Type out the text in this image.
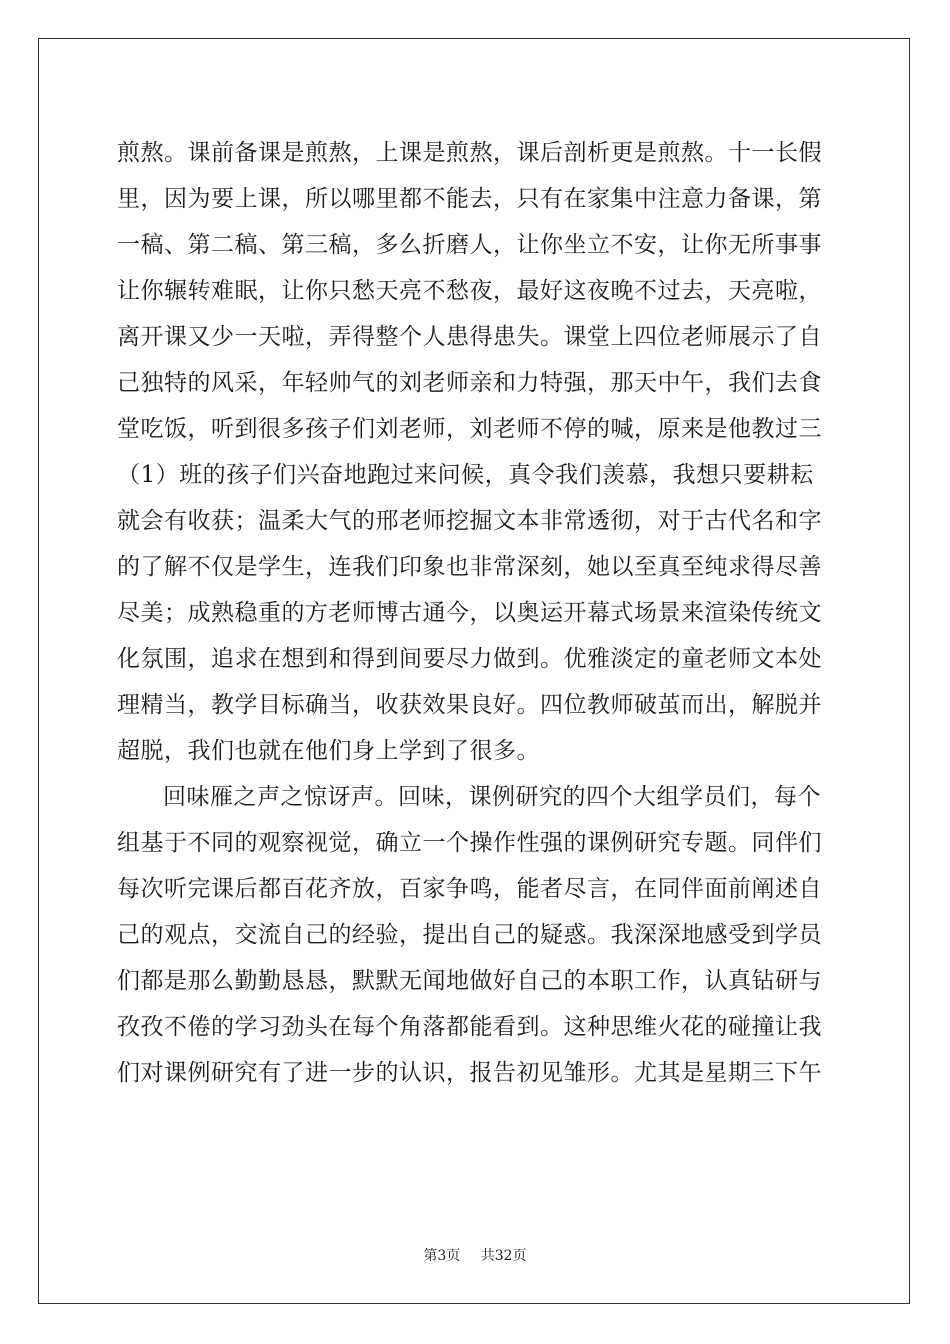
煎熬。课前备课是煎熬，上课是煎熬，课后剖析更是煎熬。十一长假
里，因为要上课，所以哪里都不能去，只有在家集中注意力备课，第
一稿、第二稿、第三稿，多么折磨人，让你坐立不安，让你无所事事
让你辗转难眠，让你只愁天亮不愁夜，最好这夜晚不过去，天亮啦，
离开课又少一天啦，弄得整个人患得患失。课堂上四位老师展示了自
己独特的风采，年轻帅气的刘老师亲和力特强，那天中午，我们去食
堂吃饭，听到很多孩子们刘老师，刘老师不停的喊，原来是他教过三
（1）班的孩子们兴奋地跑过来问候，真令我们羡慕，我想只要耕耘
就会有收获；温柔大气的邢老师挖掘文本非常透彻，对于古代名和字
的了解不仅是学生，连我们印象也非常深刻，她以至真至纯求得尽善
尽美；成熟稳重的方老师博古通今，以奥运开幕式场景来渲染传统文
化氛围，追求在想到和得到间要尽力做到。优雅淡定的童老师文本处
理精当，教学目标确当，收获效果良好。四位教师破茧而出，解脱并
超脱，我们也就在他们身上学到了很多。
回味雁之声之惊讶声。回味，课例研究的四个大组学员们，每个
组基于不同的观察视觉，确立一个操作性强的课例研究专题。同伴们
每次听完课后都百花齐放，百家争鸣，能者尽言，在同伴面前阐述自
己的观点，交流自己的经验，提出自己的疑惑。我深深地感受到学员
们都是那么勤勤恳恳，默默无闻地做好自己的本职工作，认真钻研与
孜孜不倦的学习劲头在每个角落都能看到。这种思维火花的碰撞让我
们对课例研究有了进一步的认识，报告初见雏形。尤其是星期三下午
第3页 共32页
